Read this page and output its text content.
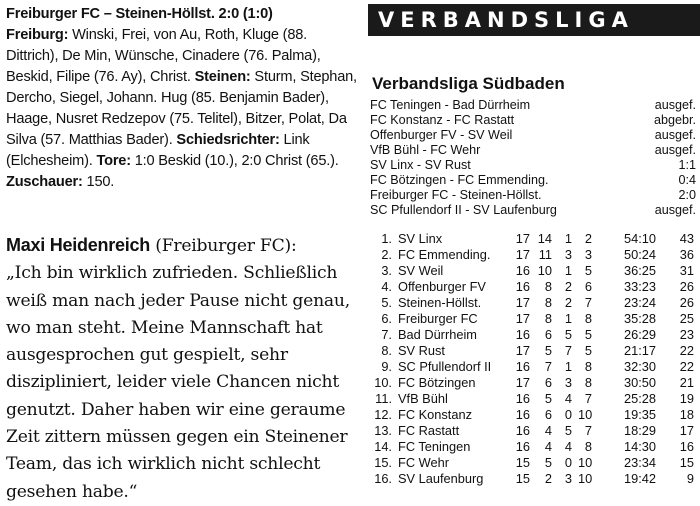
Freiburger FC – Steinen-Höllst. 2:0 (1:0)
Freiburg: Winski, Frei, von Au, Roth, Kluge (88. Dittrich), De Min, Wünsche, Cinadere (76. Palma), Beskid, Filipe (76. Ay), Christ. Steinen: Sturm, Stephan, Dercho, Siegel, Johann. Hug (85. Benjamin Bader), Haage, Nusret Redzepov (75. Telitel), Bitzer, Polat, Da Silva (57. Matthias Bader). Schiedsrichter: Link (Elchesheim). Tore: 1:0 Beskid (10.), 2:0 Christ (65.). Zuschauer: 150.
Maxi Heidenreich (Freiburger FC):
„Ich bin wirklich zufrieden. Schließlich weiß man nach jeder Pause nicht genau, wo man steht. Meine Mannschaft hat ausgesprochen gut gespielt, sehr diszipliniert, leider viele Chancen nicht genutzt. Daher haben wir eine geraume Zeit zittern müssen gegen ein Steinener Team, das ich wirklich nicht schlecht gesehen habe.“
VERBANDSLIGA
Verbandsliga Südbaden
FC Teningen - Bad Dürrheim	ausgef.
FC Konstanz - FC Rastatt	abgebr.
Offenburger FV - SV Weil	ausgef.
VfB Bühl - FC Wehr	ausgef.
SV Linx - SV Rust	1:1
FC Bötzingen - FC Emmending.	0:4
Freiburger FC - Steinen-Höllst.	2:0
SC Pfullendorf II - SV Laufenburg	ausgef.
1. SV Linx	17 14	1	2	54:10	43
2. FC Emmending. 17 11	3	3	50:24	36
3. SV Weil	16 10	1	5	36:25	31
4. Offenburger FV 16	8	2	6	33:23	26
5. Steinen-Höllst.	17	8	2	7	23:24	26
6. Freiburger FC	17	8	1	8	35:28	25
7. Bad Dürrheim	16	6	5	5	26:29	23
8. SV Rust	17	5	7	5	21:17	22
9. SC Pfullendorf II 16	7	1	8	32:30	22
10. FC Bötzingen	17	6	3	8	30:50	21
11. VfB Bühl	16	5	4	7	25:28	19
12. FC Konstanz	16	6	0 10	19:35	18
13. FC Rastatt	16	4	5	7	18:29	17
14. FC Teningen	16	4	4	8	14:30	16
15. FC Wehr	15	5	0 10	23:34	15
16. SV Laufenburg	15	2	3 10	19:42	9
